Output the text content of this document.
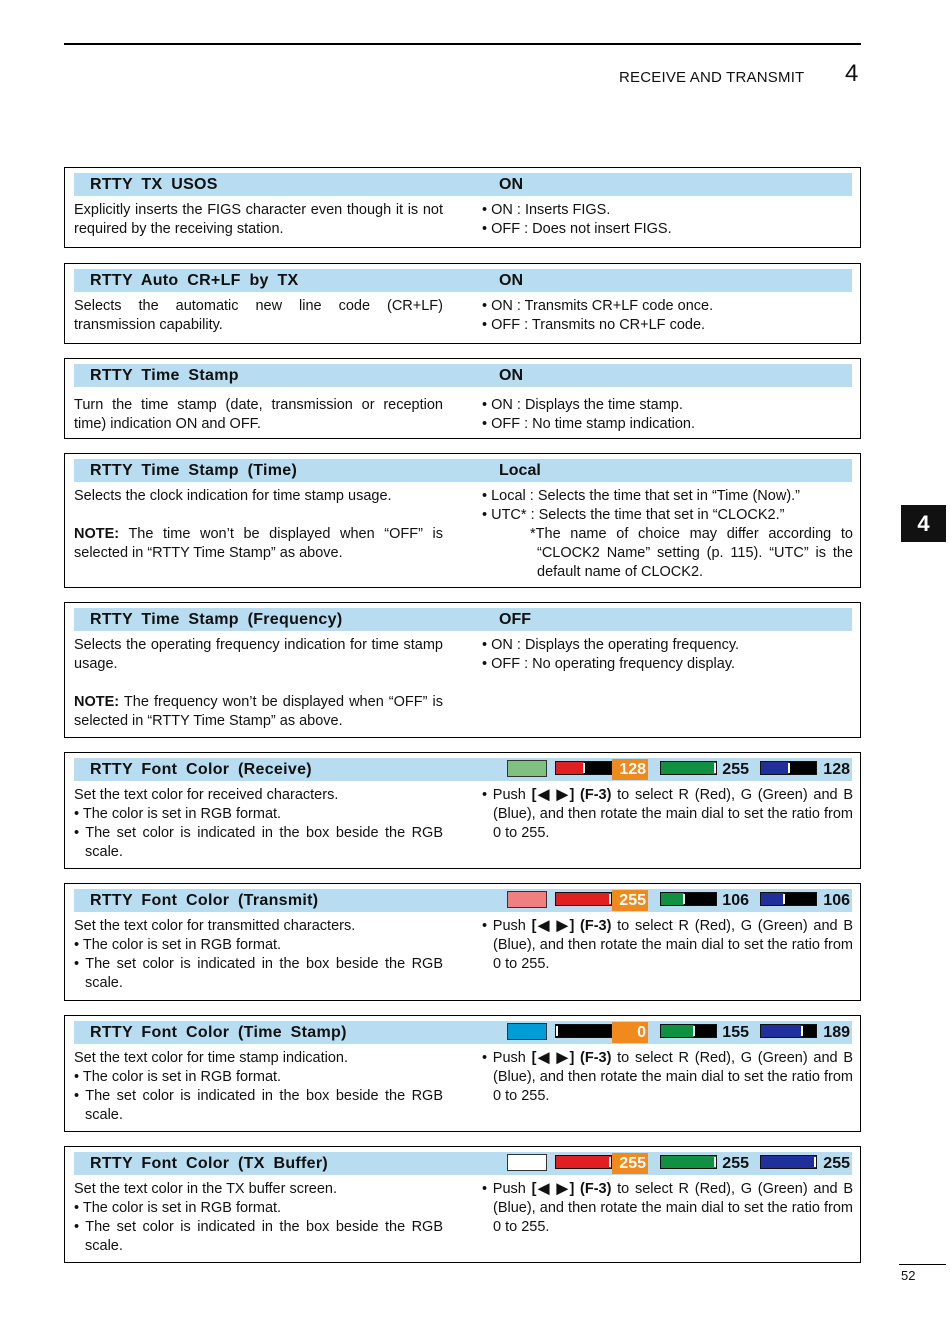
RECEIVE AND TRANSMIT 4
4
52
RTTY TX USOS	ON

Explicitly inserts the FIGS character even though it is not required by the receiving station.

• ON : Inserts FIGS.

• OFF : Does not insert FIGS.

RTTY Auto CR+LF by TX	ON

Selects the automatic new line code (CR+LF) transmission capability.

• ON : Transmits CR+LF code once.

• OFF : Transmits no CR+LF code.

RTTY Time Stamp	ON

Turn the time stamp (date, transmission or reception time) indication ON and OFF.

• ON : Displays the time stamp.

• OFF : No time stamp indication.

RTTY Time Stamp (Time)	Local

Selects the clock indication for time stamp usage.

NOTE: The time won’t be displayed when “OFF” is selected in “RTTY Time Stamp” as above.

• Local : Selects the time that set in “Time (Now).”

• UTC* : Selects the time that set in “CLOCK2.”

*The name of choice may differ according to “CLOCK2 Name” setting (p. 115). “UTC” is the default name of CLOCK2.

RTTY Time Stamp (Frequency)	OFF

Selects the operating frequency indication for time stamp usage.

NOTE: The frequency won’t be displayed when “OFF” is selected in “RTTY Time Stamp” as above.

• ON : Displays the operating frequency.

• OFF : No operating frequency display.

RTTY Font Color (Receive)	128	255	128

Set the text color for received characters.

• The color is set in RGB format.

• The set color is indicated in the box beside the RGB scale.

• Push [◀ ▶] (F-3) to select R (Red), G (Green) and B (Blue), and then rotate the main dial to set the ratio from 0 to 255.

RTTY Font Color (Transmit)	255	106	106

Set the text color for transmitted characters.

• The color is set in RGB format.

• The set color is indicated in the box beside the RGB scale.

• Push [◀ ▶] (F-3) to select R (Red), G (Green) and B (Blue), and then rotate the main dial to set the ratio from 0 to 255.

RTTY Font Color (Time Stamp)	0	155	189

Set the text color for time stamp indication.

• The color is set in RGB format.

• The set color is indicated in the box beside the RGB scale.

• Push [◀ ▶] (F-3) to select R (Red), G (Green) and B (Blue), and then rotate the main dial to set the ratio from 0 to 255.

RTTY Font Color (TX Buffer)	255	255	255

Set the text color in the TX buffer screen.

• The color is set in RGB format.

• The set color is indicated in the box beside the RGB scale.

• Push [◀ ▶] (F-3) to select R (Red), G (Green) and B (Blue), and then rotate the main dial to set the ratio from 0 to 255.
